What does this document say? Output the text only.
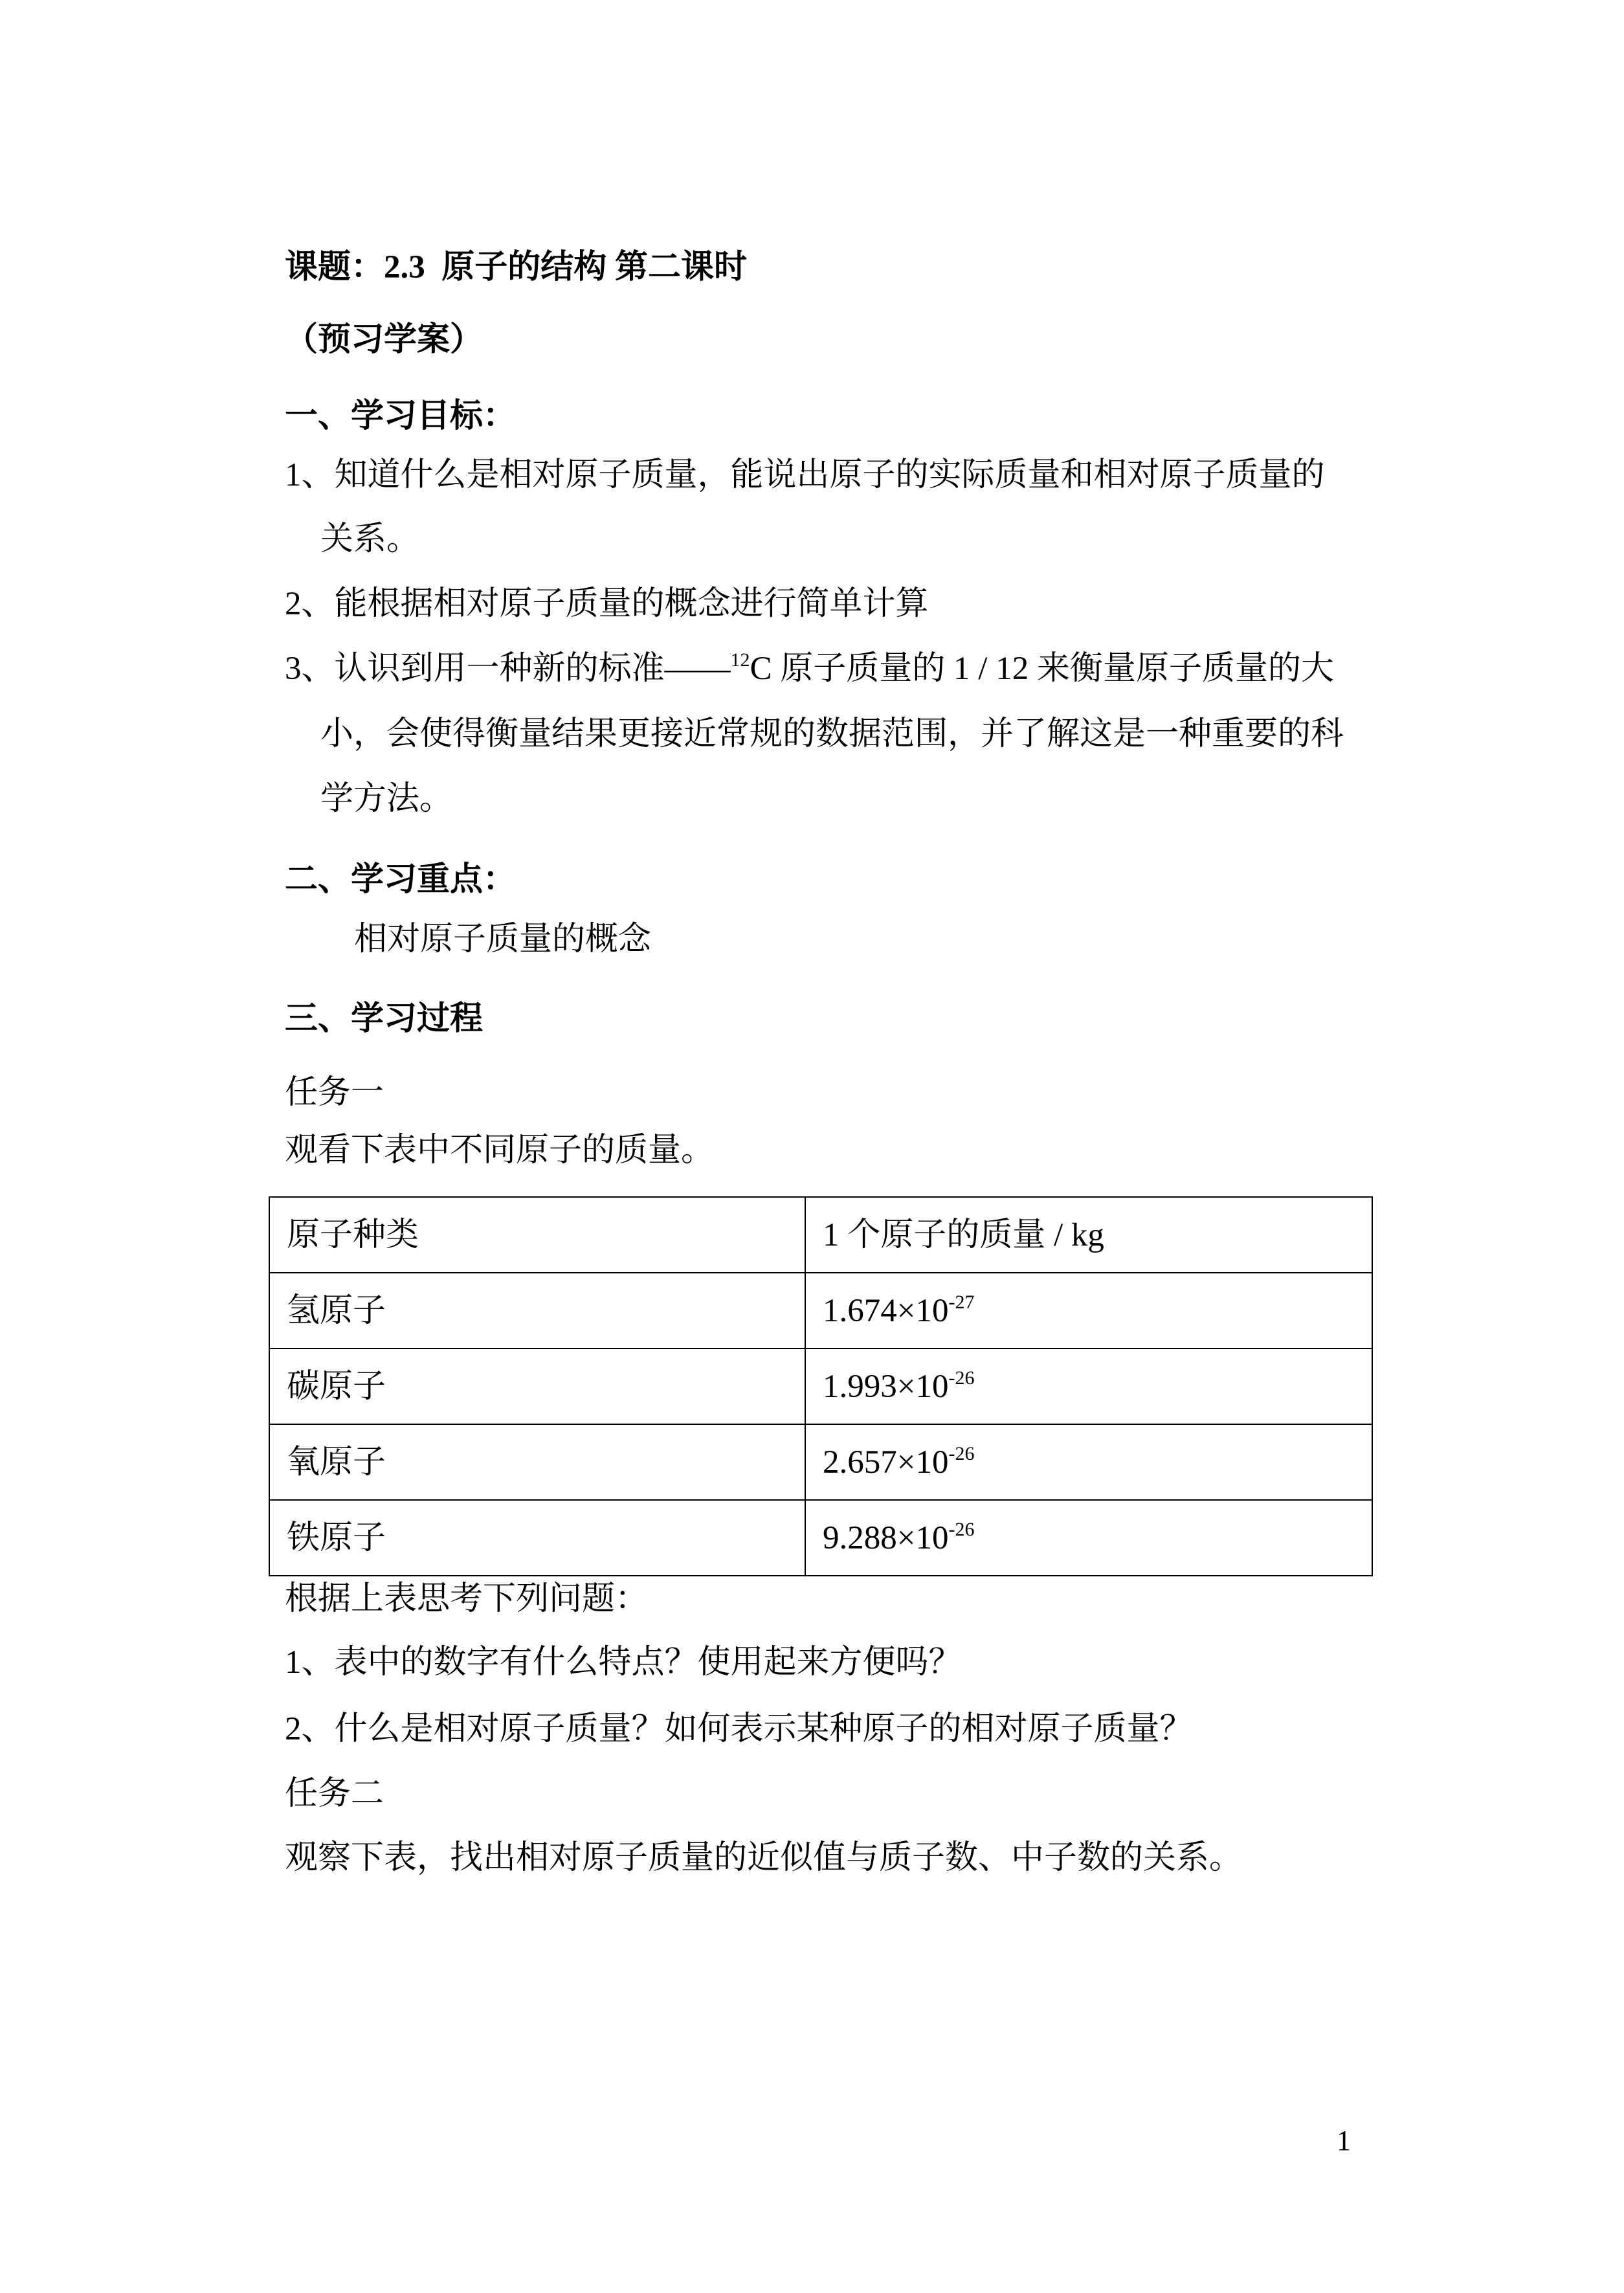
课题：2.3  原子的结构 第二课时
（预习学案）
一、学习目标：
1、知道什么是相对原子质量，能说出原子的实际质量和相对原子质量的
关系。
2、能根据相对原子质量的概念进行简单计算
3、认识到用一种新的标准——$^{12}$C 原子质量的 1 / 12 来衡量原子质量的大
小，会使得衡量结果更接近常规的数据范围，并了解这是一种重要的科
学方法。
二、学习重点：
相对原子质量的概念
三、学习过程
任务一
观看下表中不同原子的质量。
原子种类	1 个原子的质量 / kg
氢原子	$1.674\times 10^{-27}$
碳原子	$1.993\times 10^{-26}$
氧原子	$2.657\times 10^{-26}$
铁原子	$9.288\times 10^{-26}$
根据上表思考下列问题：
1、表中的数字有什么特点？使用起来方便吗？
2、什么是相对原子质量？如何表示某种原子的相对原子质量？
任务二
观察下表，找出相对原子质量的近似值与质子数、中子数的关系。
1
